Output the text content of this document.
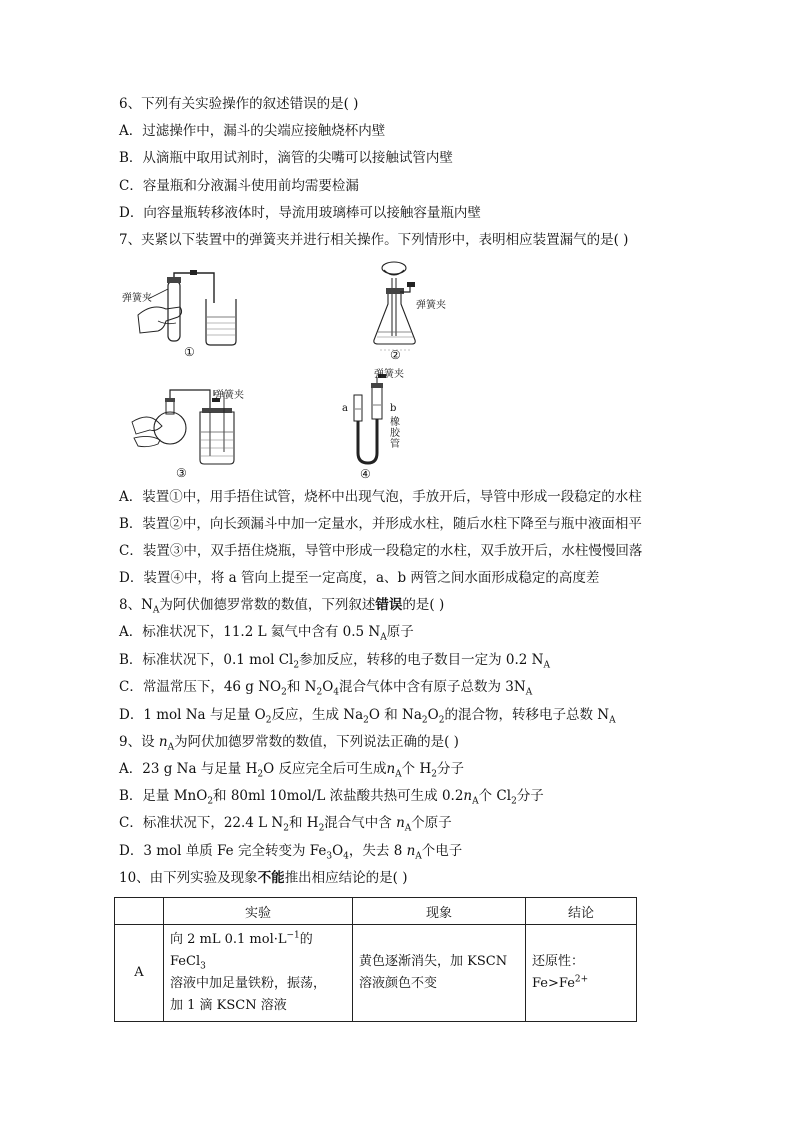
6、下列有关实验操作的叙述错误的是( )
A．过滤操作中，漏斗的尖端应接触烧杯内壁
B．从滴瓶中取用试剂时，滴管的尖嘴可以接触试管内壁
C．容量瓶和分液漏斗使用前均需要检漏
D．向容量瓶转移液体时，导流用玻璃棒可以接触容量瓶内壁
7、夹紧以下装置中的弹簧夹并进行相关操作。下列情形中，表明相应装置漏气的是( )
弹簧夹
①
弹簧夹
②
弹簧夹
③
弹簧夹
a	b
橡胶管
④
A．装置①中，用手捂住试管，烧杯中出现气泡，手放开后，导管中形成一段稳定的水柱
B．装置②中，向长颈漏斗中加一定量水，并形成水柱，随后水柱下降至与瓶中液面相平
C．装置③中，双手捂住烧瓶，导管中形成一段稳定的水柱，双手放开后，水柱慢慢回落
D．装置④中，将 a 管向上提至一定高度，a、b 两管之间水面形成稳定的高度差
8、$N_A$为阿伏伽德罗常数的数值，下列叙述错误的是( )
A．标准状况下，11.2 L 氦气中含有 0.5 $N_A$原子
B．标准状况下，0.1 mol $Cl_2$参加反应，转移的电子数目一定为 0.2 $N_A$
C．常温常压下，46 g $NO_2$和 $N_2O_4$混合气体中含有原子总数为 $3N_A$
D．1 mol Na 与足量 $O_2$反应，生成 $Na_2O$ 和 $Na_2O_2$的混合物，转移电子总数 $N_A$
9、设 $n_A$为阿伏加德罗常数的数值，下列说法正确的是( )
A．23 g Na 与足量 $H_2O$ 反应完全后可生成$n_A$个 $H_2$分子
B．足量 MnO$_2$和 80ml 10mol/L 浓盐酸共热可生成 $0.2n_A$个 $Cl_2$分子
C．标准状况下，22.4 L $N_2$和 $H_2$混合气中含 $n_A$个原子
D．3 mol 单质 Fe 完全转变为 $Fe_3O_4$，失去 8 $n_A$个电子
10、由下列实验及现象不能推出相应结论的是( )
	实验	现象	结论
A	向 2 mL 0.1 $mol\cdot L^{-1}$的 FeCl$_3$
溶液中加足量铁粉，振荡，
加 1 滴 KSCN 溶液	黄色逐渐消失，加 KSCN
溶液颜色不变	还原性：$Fe>Fe^{2+}$
